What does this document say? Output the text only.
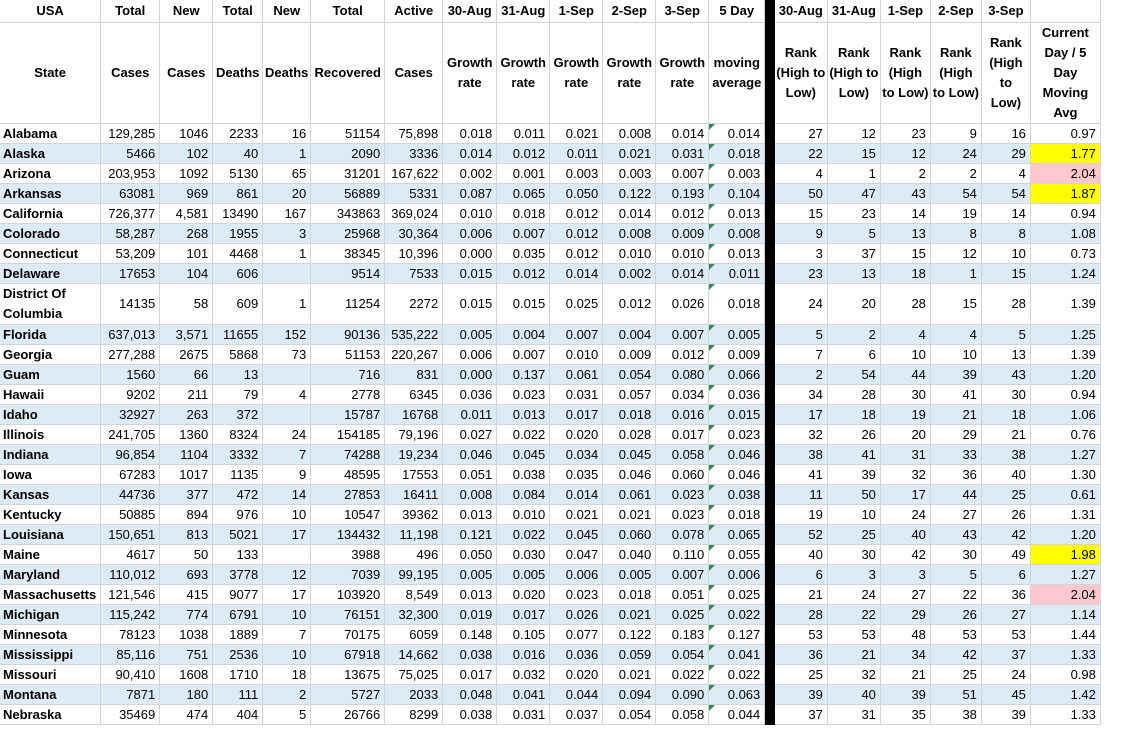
USA	Total	New	Total	New	Total	Active	30-Aug	31-Aug	1-Sep	2-Sep	3-Sep	5 Day		30-Aug	31-Aug	1-Sep	2-Sep	3-Sep	
State	Cases	Cases	Deaths	Deaths	Recovered	Cases	Growth rate	Growth rate	Growth rate	Growth rate	Growth rate	moving average		Rank (High to Low)	Rank (High to Low)	Rank (High to Low)	Rank (High to Low)	Rank (High to Low)	Current Day / 5 Day Moving Avg
Alabama	129,285	1046	2233	16	51154	75,898	0.018	0.011	0.021	0.008	0.014	0.014		27	12	23	9	16	0.97
Alaska	5466	102	40	1	2090	3336	0.014	0.012	0.011	0.021	0.031	0.018		22	15	12	24	29	1.77
Arizona	203,953	1092	5130	65	31201	167,622	0.002	0.001	0.003	0.003	0.007	0.003		4	1	2	2	4	2.04
Arkansas	63081	969	861	20	56889	5331	0.087	0.065	0.050	0.122	0.193	0.104		50	47	43	54	54	1.87
California	726,377	4,581	13490	167	343863	369,024	0.010	0.018	0.012	0.014	0.012	0.013		15	23	14	19	14	0.94
Colorado	58,287	268	1955	3	25968	30,364	0.006	0.007	0.012	0.008	0.009	0.008		9	5	13	8	8	1.08
Connecticut	53,209	101	4468	1	38345	10,396	0.000	0.035	0.012	0.010	0.010	0.013		3	37	15	12	10	0.73
Delaware	17653	104	606		9514	7533	0.015	0.012	0.014	0.002	0.014	0.011		23	13	18	1	15	1.24
District Of Columbia	14135	58	609	1	11254	2272	0.015	0.015	0.025	0.012	0.026	0.018		24	20	28	15	28	1.39
Florida	637,013	3,571	11655	152	90136	535,222	0.005	0.004	0.007	0.004	0.007	0.005		5	2	4	4	5	1.25
Georgia	277,288	2675	5868	73	51153	220,267	0.006	0.007	0.010	0.009	0.012	0.009		7	6	10	10	13	1.39
Guam	1560	66	13		716	831	0.000	0.137	0.061	0.054	0.080	0.066		2	54	44	39	43	1.20
Hawaii	9202	211	79	4	2778	6345	0.036	0.023	0.031	0.057	0.034	0.036		34	28	30	41	30	0.94
Idaho	32927	263	372		15787	16768	0.011	0.013	0.017	0.018	0.016	0.015		17	18	19	21	18	1.06
Illinois	241,705	1360	8324	24	154185	79,196	0.027	0.022	0.020	0.028	0.017	0.023		32	26	20	29	21	0.76
Indiana	96,854	1104	3332	7	74288	19,234	0.046	0.045	0.034	0.045	0.058	0.046		38	41	31	33	38	1.27
Iowa	67283	1017	1135	9	48595	17553	0.051	0.038	0.035	0.046	0.060	0.046		41	39	32	36	40	1.30
Kansas	44736	377	472	14	27853	16411	0.008	0.084	0.014	0.061	0.023	0.038		11	50	17	44	25	0.61
Kentucky	50885	894	976	10	10547	39362	0.013	0.010	0.021	0.021	0.023	0.018		19	10	24	27	26	1.31
Louisiana	150,651	813	5021	17	134432	11,198	0.121	0.022	0.045	0.060	0.078	0.065		52	25	40	43	42	1.20
Maine	4617	50	133		3988	496	0.050	0.030	0.047	0.040	0.110	0.055		40	30	42	30	49	1.98
Maryland	110,012	693	3778	12	7039	99,195	0.005	0.005	0.006	0.005	0.007	0.006		6	3	3	5	6	1.27
Massachusetts	121,546	415	9077	17	103920	8,549	0.013	0.020	0.023	0.018	0.051	0.025		21	24	27	22	36	2.04
Michigan	115,242	774	6791	10	76151	32,300	0.019	0.017	0.026	0.021	0.025	0.022		28	22	29	26	27	1.14
Minnesota	78123	1038	1889	7	70175	6059	0.148	0.105	0.077	0.122	0.183	0.127		53	53	48	53	53	1.44
Mississippi	85,116	751	2536	10	67918	14,662	0.038	0.016	0.036	0.059	0.054	0.041		36	21	34	42	37	1.33
Missouri	90,410	1608	1710	18	13675	75,025	0.017	0.032	0.020	0.021	0.022	0.022		25	32	21	25	24	0.98
Montana	7871	180	111	2	5727	2033	0.048	0.041	0.044	0.094	0.090	0.063		39	40	39	51	45	1.42
Nebraska	35469	474	404	5	26766	8299	0.038	0.031	0.037	0.054	0.058	0.044		37	31	35	38	39	1.33
